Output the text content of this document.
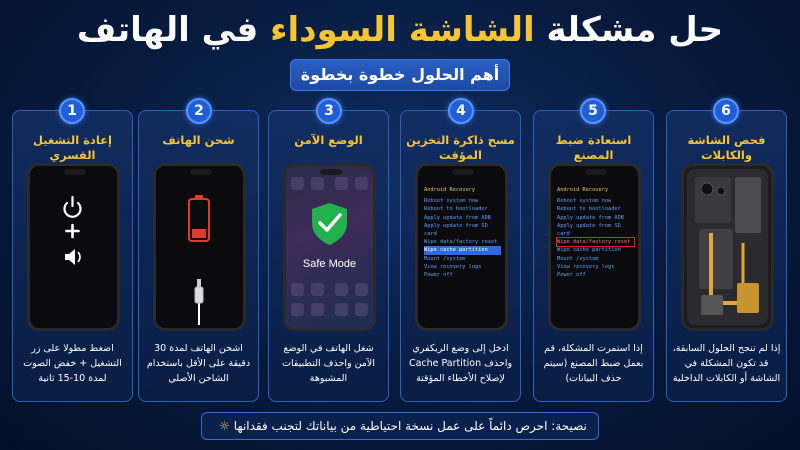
حل مشكلة الشاشة السوداء في الهاتف
أهم الحلول خطوة بخطوة
إعادة التشغيل القسري
اضغط مطولا على زر التشغيل + خفض الصوت لمدة 10-15 ثانية
شحن الهاتف
اشحن الهاتف لمدة 30 دقيقة على الأقل باستخدام الشاحن الأصلي
الوضع الآمن
Safe Mode
شغل الهاتف في الوضع الآمن واحذف التطبيقات المشبوهة
مسح ذاكرة التخزين المؤقت
Android Recovery
Reboot system now
Reboot to bootloader
Apply update from ADB
Apply update from SD card
Wipe data/factory reset
Wipe cache partition
Mount /system
View recovery logs
Power off
ادخل إلى وضع الريكفري واحذف Cache Partition لإصلاح الأخطاء المؤقتة
استعادة ضبط المصنع
Android Recovery
Reboot system now
Reboot to bootloader
Apply update from ADB
Apply update from SD card
Wipe data/factory reset
Wipe cache partition
Mount /system
View recovery logs
Power off
إذا استمرت المشكلة، قم بعمل ضبط المصنع (سيتم حذف البيانات)
فحص الشاشة والكابلات
إذا لم تنجح الحلول السابقة، قد تكون المشكلة في الشاشة أو الكابلات الداخلية
1	2	3	4	5	6
نصيحة: احرص دائماً على عمل نسخة احتياطية من بياناتك لتجنب فقدانها ☼
